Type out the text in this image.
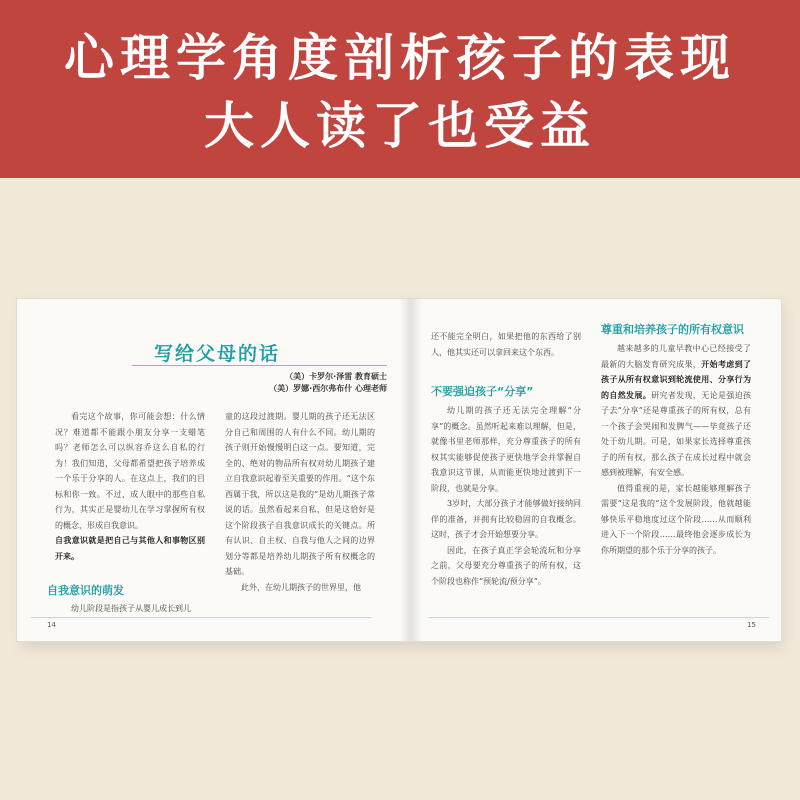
心理学角度剖析孩子的表现
大人读了也受益
写给父母的话
（美）卡罗尔·泽雷 教育硕士
（美）罗娜·西尔弗布什 心理老师

看完这个故事，你可能会想：什么情况？难道都不能跟小朋友分享一支蜡笔吗？老师怎么可以纵容乔这么自私的行为！我们知道，父母都希望把孩子培养成一个乐于分享的人。在这点上，我们的目标和你一致。不过，成人眼中的那些自私行为，其实正是婴幼儿在学习掌握所有权的概念，形成自我意识。

自我意识就是把自己与其他人和事物区别开来。

自我意识的萌发

幼儿阶段是指孩子从婴儿成长到儿

童的这段过渡期。婴儿期的孩子还无法区分自己和周围的人有什么不同。幼儿期的孩子则开始慢慢明白这一点。要知道，完全的、绝对的物品所有权对幼儿期孩子建立自我意识起着至关重要的作用。“这个东西属于我，所以这是我的”是幼儿期孩子常说的话。虽然看起来自私，但是这恰好是这个阶段孩子自我意识成长的关键点。所有认识、自主权、自我与他人之间的边界划分等都是培养幼儿期孩子所有权概念的基础。

此外，在幼儿期孩子的世界里，他

14

还不能完全明白，如果把他的东西给了别人，他其实还可以拿回来这个东西。

不要强迫孩子“分享”

幼儿期的孩子还无法完全理解“分享”的概念。虽然听起来难以理解，但是，就像书里老师那样，充分尊重孩子的所有权其实能够促使孩子更快地学会并掌握自我意识这节课，从而能更快地过渡到下一阶段，也就是分享。

3岁时，大部分孩子才能够做好接纳同伴的准备，并拥有比较稳固的自我概念。这时，孩子才会开始想要分享。

因此，在孩子真正学会轮流玩和分享之前，父母要充分尊重孩子的所有权，这个阶段也称作“预轮流/预分享”。

尊重和培养孩子的所有权意识

越来越多的儿童早教中心已经接受了最新的大脑发育研究成果，开始考虑到了孩子从所有权意识到轮流使用、分享行为的自然发展。研究者发现，无论是强迫孩子去“分享”还是尊重孩子的所有权，总有一个孩子会哭闹和发脾气——毕竟孩子还处于幼儿期。可是，如果家长选择尊重孩子的所有权，那么孩子在成长过程中就会感到被理解，有安全感。

值得重视的是，家长越能够理解孩子需要“这是我的”这个发展阶段，他就越能够快乐平稳地度过这个阶段……从而顺利进入下一个阶段……最终他会逐步成长为你所期望的那个乐于分享的孩子。

15
